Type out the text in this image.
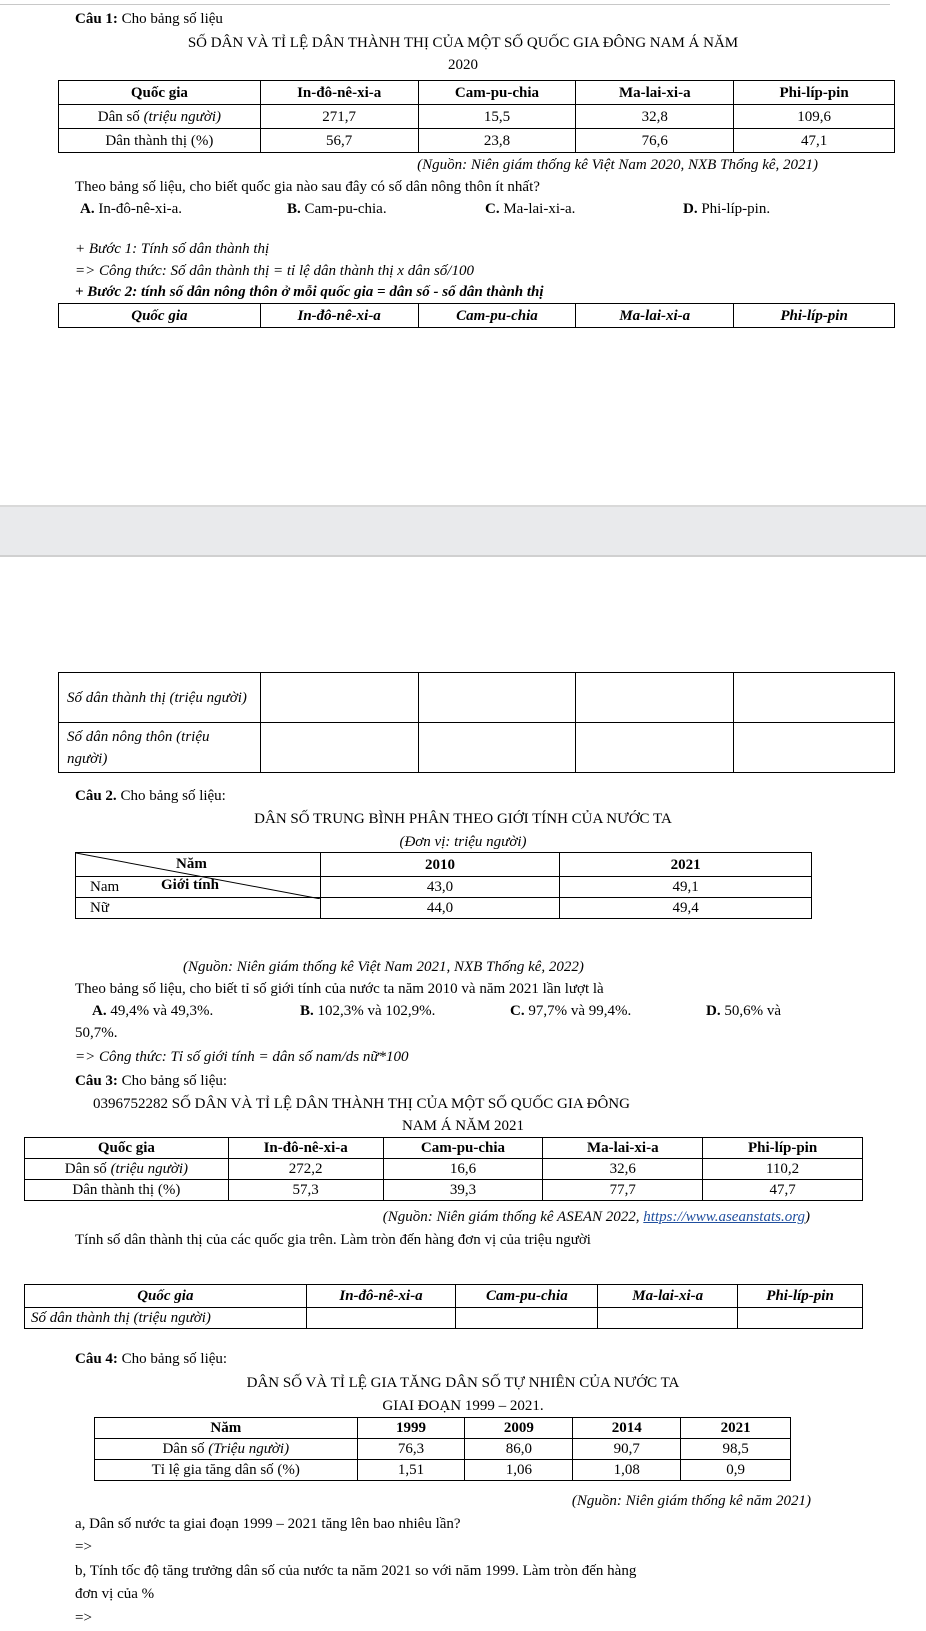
Câu 1: Cho bảng số liệu
SỐ DÂN VÀ TỈ LỆ DÂN THÀNH THỊ CỦA MỘT SỐ QUỐC GIA ĐÔNG NAM Á NĂM
2020
Quốc gia	In-đô-nê-xi-a	Cam-pu-chia	Ma-lai-xi-a	Phi-líp-pin
Dân số (triệu người)	271,7	15,5	32,8	109,6
Dân thành thị (%)	56,7	23,8	76,6	47,1
(Nguồn: Niên giám thống kê Việt Nam 2020, NXB Thống kê, 2021)
Theo bảng số liệu, cho biết quốc gia nào sau đây có số dân nông thôn ít nhất?
A. In-đô-nê-xi-a.	B. Cam-pu-chia.	C. Ma-lai-xi-a.	D. Phi-líp-pin.
+ Bước 1: Tính số dân thành thị
=> Công thức: Số dân thành thị = tỉ lệ dân thành thị x dân số/100
+ Bước 2: tính số dân nông thôn ở mỗi quốc gia = dân số - số dân thành thị
Quốc gia	In-đô-nê-xi-a	Cam-pu-chia	Ma-lai-xi-a	Phi-líp-pin
Số dân thành thị (triệu người)				
Số dân nông thôn (triệu người)				
Câu 2. Cho bảng số liệu:
DÂN SỐ TRUNG BÌNH PHÂN THEO GIỚI TÍNH CỦA NƯỚC TA
(Đơn vị: triệu người)
Năm
Giới tính	2010	2021
Nam	43,0	49,1
Nữ	44,0	49,4
(Nguồn: Niên giám thống kê Việt Nam 2021, NXB Thống kê, 2022)
Theo bảng số liệu, cho biết tỉ số giới tính của nước ta năm 2010 và năm 2021 lần lượt là
A. 49,4% và 49,3%.	B. 102,3% và 102,9%.	C. 97,7% và 99,4%.	D. 50,6% và
50,7%.
=> Công thức: Tỉ số giới tính = dân số nam/ds nữ*100
Câu 3: Cho bảng số liệu:
0396752282 SỐ DÂN VÀ TỈ LỆ DÂN THÀNH THỊ CỦA MỘT SỐ QUỐC GIA ĐÔNG
NAM Á NĂM 2021
Quốc gia	In-đô-nê-xi-a	Cam-pu-chia	Ma-lai-xi-a	Phi-líp-pin
Dân số (triệu người)	272,2	16,6	32,6	110,2
Dân thành thị (%)	57,3	39,3	77,7	47,7
(Nguồn: Niên giám thống kê ASEAN 2022, https://www.aseanstats.org)
Tính số dân thành thị của các quốc gia trên. Làm tròn đến hàng đơn vị của triệu người
Quốc gia	In-đô-nê-xi-a	Cam-pu-chia	Ma-lai-xi-a	Phi-líp-pin
Số dân thành thị (triệu người)				
Câu 4: Cho bảng số liệu:
DÂN SỐ VÀ TỈ LỆ GIA TĂNG DÂN SỐ TỰ NHIÊN CỦA NƯỚC TA
GIAI ĐOẠN 1999 – 2021.
Năm	1999	2009	2014	2021
Dân số (Triệu người)	76,3	86,0	90,7	98,5
Tỉ lệ gia tăng dân số (%)	1,51	1,06	1,08	0,9
(Nguồn: Niên giám thống kê năm 2021)
a, Dân số nước ta giai đoạn 1999 – 2021 tăng lên bao nhiêu lần?
=>
b, Tính tốc độ tăng trưởng dân số của nước ta năm 2021 so với năm 1999. Làm tròn đến hàng
đơn vị của %
=>
